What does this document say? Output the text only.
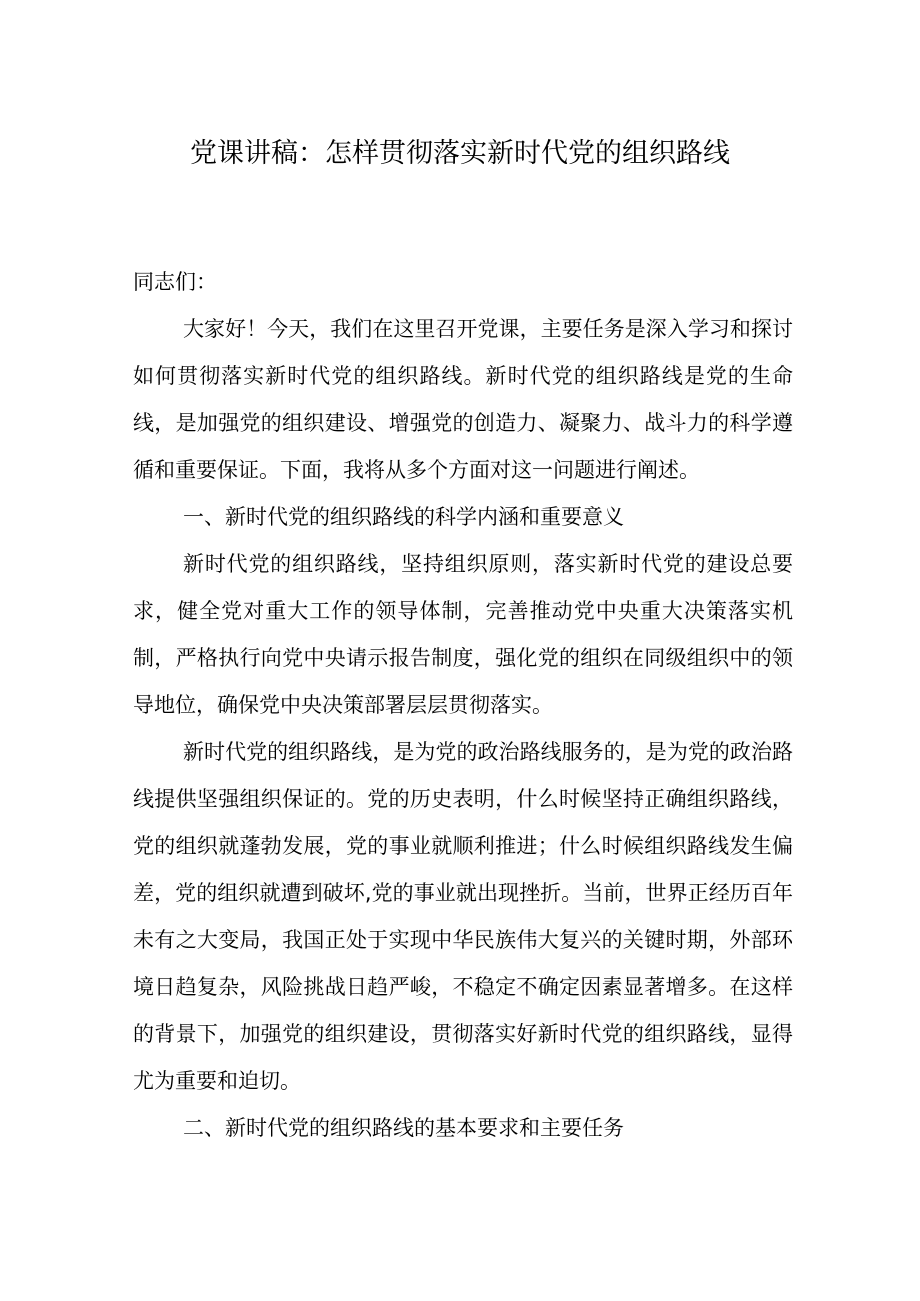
党课讲稿：怎样贯彻落实新时代党的组织路线

同志们：

大家好！今天，我们在这里召开党课，主要任务是深入学习和探讨如何贯彻落实新时代党的组织路线。新时代党的组织路线是党的生命线，是加强党的组织建设、增强党的创造力、凝聚力、战斗力的科学遵循和重要保证。下面，我将从多个方面对这一问题进行阐述。

一、新时代党的组织路线的科学内涵和重要意义

新时代党的组织路线，坚持组织原则，落实新时代党的建设总要求，健全党对重大工作的领导体制，完善推动党中央重大决策落实机制，严格执行向党中央请示报告制度，强化党的组织在同级组织中的领导地位，确保党中央决策部署层层贯彻落实。

新时代党的组织路线，是为党的政治路线服务的，是为党的政治路线提供坚强组织保证的。党的历史表明，什么时候坚持正确组织路线，党的组织就蓬勃发展，党的事业就顺利推进；什么时候组织路线发生偏差，党的组织就遭到破坏,党的事业就出现挫折。当前，世界正经历百年未有之大变局，我国正处于实现中华民族伟大复兴的关键时期，外部环境日趋复杂，风险挑战日趋严峻，不稳定不确定因素显著增多。在这样的背景下，加强党的组织建设，贯彻落实好新时代党的组织路线，显得尤为重要和迫切。

二、新时代党的组织路线的基本要求和主要任务
